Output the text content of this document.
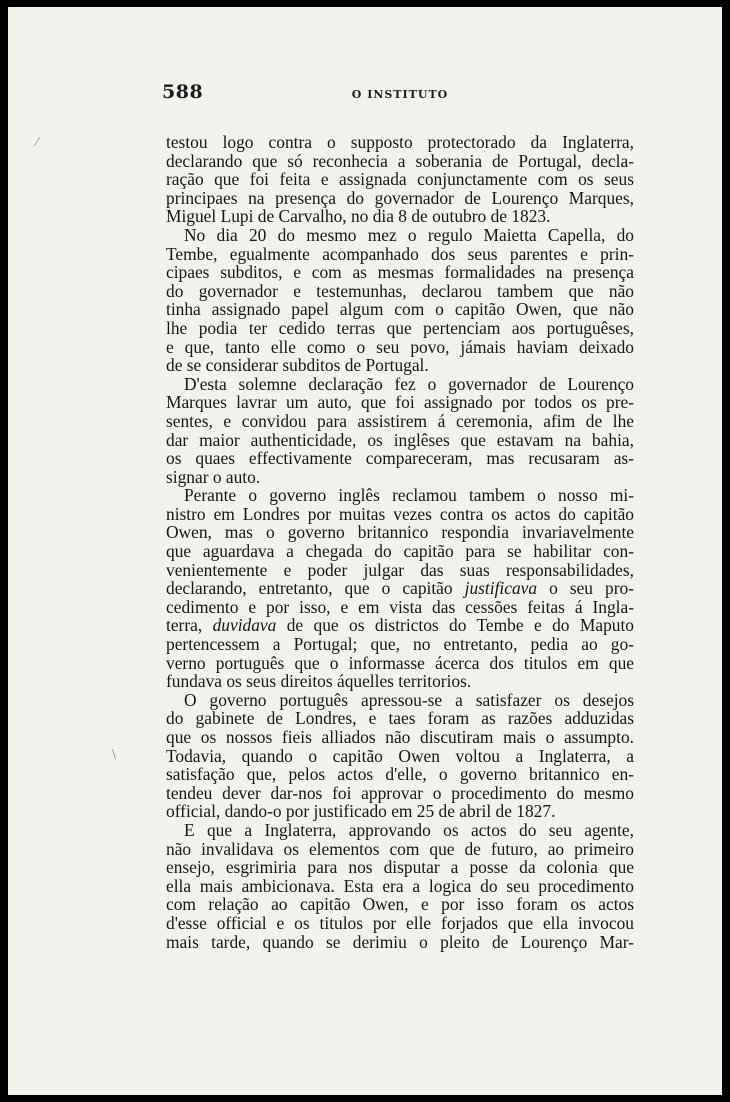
588	O INSTITUTO

testou logo contra o supposto protectorado da Inglaterra,

declarando que só reconhecia a soberania de Portugal, decla-

ração que foi feita e assignada conjunctamente com os seus

principaes na presença do governador de Lourenço Marques,

Miguel Lupi de Carvalho, no dia 8 de outubro de 1823.

No dia 20 do mesmo mez o regulo Maietta Capella, do

Tembe, egualmente acompanhado dos seus parentes e prin-

cipaes subditos, e com as mesmas formalidades na presença

do governador e testemunhas, declarou tambem que não

tinha assignado papel algum com o capitão Owen, que não

lhe podia ter cedido terras que pertenciam aos portuguêses,

e que, tanto elle como o seu povo, jámais haviam deixado

de se considerar subditos de Portugal.

D'esta solemne declaração fez o governador de Lourenço

Marques lavrar um auto, que foi assignado por todos os pre-

sentes, e convidou para assistirem á ceremonia, afim de lhe

dar maior authenticidade, os inglêses que estavam na bahia,

os quaes effectivamente compareceram, mas recusaram as-

signar o auto.

Perante o governo inglês reclamou tambem o nosso mi-

nistro em Londres por muitas vezes contra os actos do capitão

Owen, mas o governo britannico respondia invariavelmente

que aguardava a chegada do capitão para se habilitar con-

venientemente e poder julgar das suas responsabilidades,

declarando, entretanto, que o capitão justificava o seu pro-

cedimento e por isso, e em vista das cessões feitas á Ingla-

terra, duvidava de que os districtos do Tembe e do Maputo

pertencessem a Portugal; que, no entretanto, pedia ao go-

verno português que o informasse ácerca dos titulos em que

fundava os seus direitos áquelles territorios.

O governo português apressou-se a satisfazer os desejos

do gabinete de Londres, e taes foram as razões adduzidas

que os nossos fieis alliados não discutiram mais o assumpto.

Todavia, quando o capitão Owen voltou a Inglaterra, a

satisfação que, pelos actos d'elle, o governo britannico en-

tendeu dever dar-nos foi approvar o procedimento do mesmo

official, dando-o por justificado em 25 de abril de 1827.

E que a Inglaterra, approvando os actos do seu agente,

não invalidava os elementos com que de futuro, ao primeiro

ensejo, esgrimiria para nos disputar a posse da colonia que

ella mais ambicionava. Esta era a logica do seu procedimento

com relação ao capitão Owen, e por isso foram os actos

d'esse official e os titulos por elle forjados que ella invocou

mais tarde, quando se derimiu o pleito de Lourenço Mar-

⁄
\
